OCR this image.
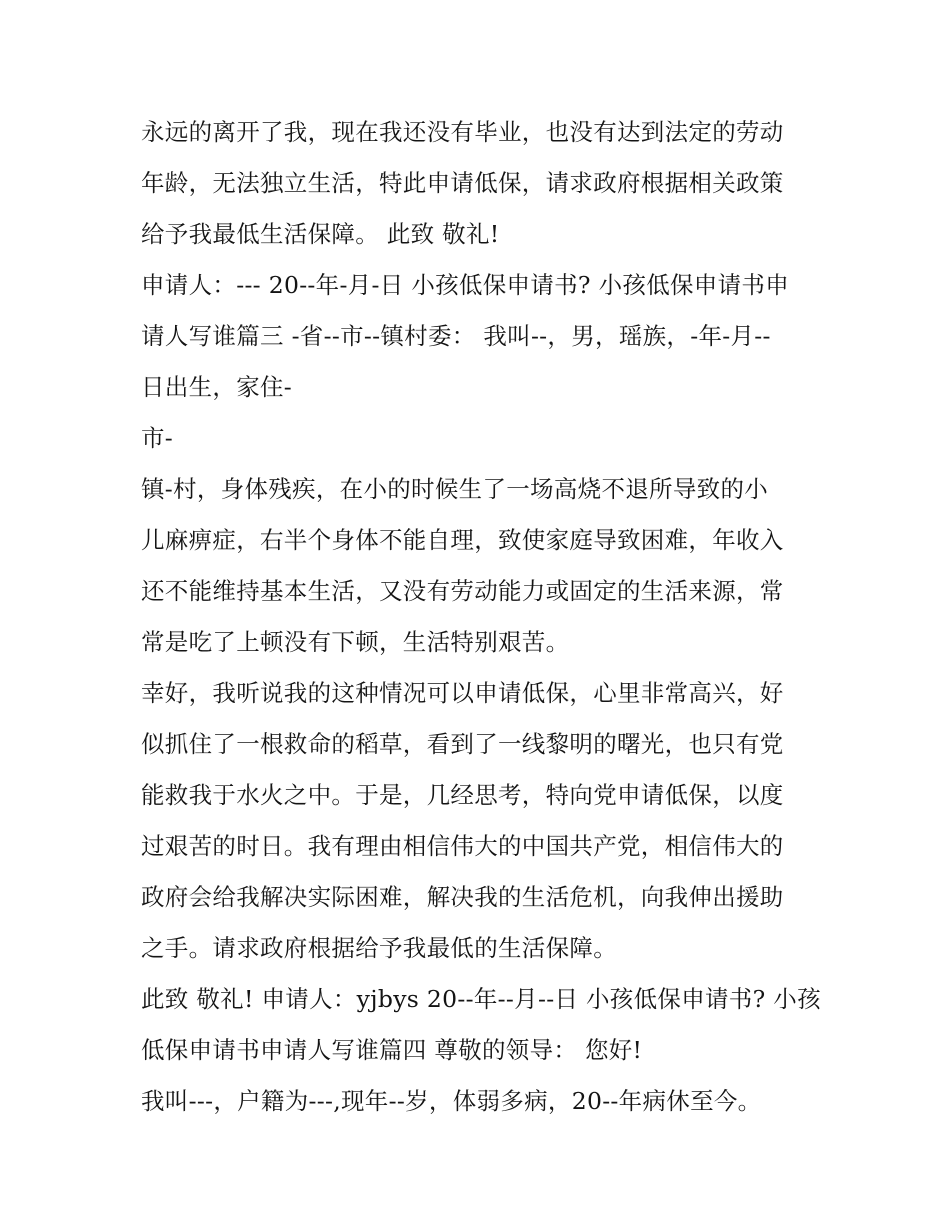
永远的离开了我，现在我还没有毕业，也没有达到法定的劳动
年龄，无法独立生活，特此申请低保，请求政府根据相关政策
给予我最低生活保障。 此致 敬礼!
申请人：--- 20--年-月-日 小孩低保申请书? 小孩低保申请书申
请人写谁篇三 -省--市--镇村委： 我叫--，男，瑶族，-年-月--
日出生，家住-
市-
镇-村，身体残疾，在小的时候生了一场高烧不退所导致的小
儿麻痹症，右半个身体不能自理，致使家庭导致困难，年收入
还不能维持基本生活，又没有劳动能力或固定的生活来源，常
常是吃了上顿没有下顿，生活特别艰苦。
幸好，我听说我的这种情况可以申请低保，心里非常高兴，好
似抓住了一根救命的稻草，看到了一线黎明的曙光，也只有党
能救我于水火之中。于是，几经思考，特向党申请低保，以度
过艰苦的时日。我有理由相信伟大的中国共产党，相信伟大的
政府会给我解决实际困难，解决我的生活危机，向我伸出援助
之手。请求政府根据给予我最低的生活保障。
此致 敬礼! 申请人：yjbys 20--年--月--日 小孩低保申请书? 小孩
低保申请书申请人写谁篇四 尊敬的领导： 您好!
我叫---，户籍为---,现年--岁，体弱多病，20--年病休至今。
